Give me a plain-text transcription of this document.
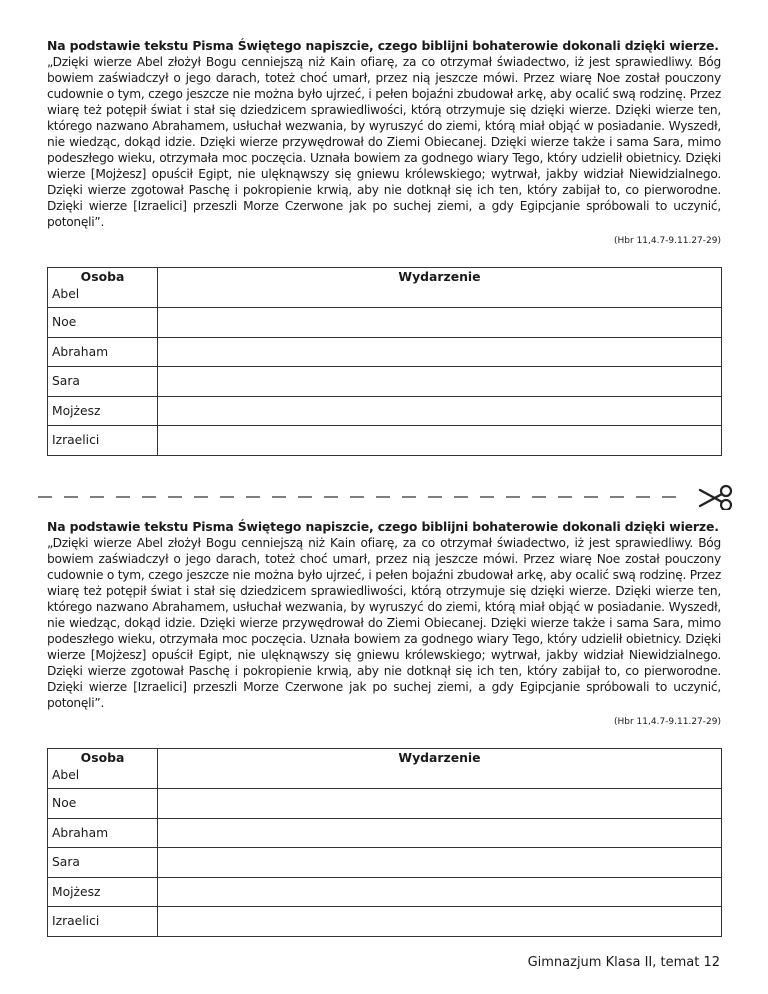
Na podstawie tekstu Pisma Świętego napiszcie, czego biblijni bohaterowie dokonali dzięki wierze.

„Dzięki wierze Abel złożył Bogu cenniejszą niż Kain ofiarę, za co otrzymał świadectwo, iż jest sprawiedliwy. Bóg bowiem zaświadczył o jego darach, toteż choć umarł, przez nią jeszcze mówi. Przez wiarę Noe został pouczony cudownie o tym, czego jeszcze nie można było ujrzeć, i pełen bojaźni zbudował arkę, aby ocalić swą rodzinę. Przez wiarę też potępił świat i stał się dziedzicem sprawiedliwości, którą otrzymuje się dzięki wierze. Dzięki wierze ten, którego nazwano Abrahamem, usłuchał wezwania, by wyruszyć do ziemi, którą miał objąć w posiadanie. Wyszedł, nie wiedząc, dokąd idzie. Dzięki wierze przywędrował do Ziemi Obiecanej. Dzięki wierze także i sama Sara, mimo podeszłego wieku, otrzymała moc poczęcia. Uznała bowiem za godnego wiary Tego, który udzielił obietnicy. Dzięki wierze [Mojżesz] opuścił Egipt, nie ulęknąwszy się gniewu królewskiego; wytrwał, jakby widział Niewidzialnego. Dzięki wierze zgotował Paschę i pokropienie krwią, aby nie dotknął się ich ten, który zabijał to, co pierworodne. Dzięki wierze [Izraelici] przeszli Morze Czerwone jak po suchej ziemi, a gdy Egipcjanie spróbowali to uczynić, potonęli”.

(Hbr 11,4.7-9.11.27-29)

Osoba	Wydarzenie
Abel	
Noe	
Abraham	
Sara	
Mojżesz	
Izraelici	

Na podstawie tekstu Pisma Świętego napiszcie, czego biblijni bohaterowie dokonali dzięki wierze.

„Dzięki wierze Abel złożył Bogu cenniejszą niż Kain ofiarę, za co otrzymał świadectwo, iż jest sprawiedliwy. Bóg bowiem zaświadczył o jego darach, toteż choć umarł, przez nią jeszcze mówi. Przez wiarę Noe został pouczony cudownie o tym, czego jeszcze nie można było ujrzeć, i pełen bojaźni zbudował arkę, aby ocalić swą rodzinę. Przez wiarę też potępił świat i stał się dziedzicem sprawiedliwości, którą otrzymuje się dzięki wierze. Dzięki wierze ten, którego nazwano Abrahamem, usłuchał wezwania, by wyruszyć do ziemi, którą miał objąć w posiadanie. Wyszedł, nie wiedząc, dokąd idzie. Dzięki wierze przywędrował do Ziemi Obiecanej. Dzięki wierze także i sama Sara, mimo podeszłego wieku, otrzymała moc poczęcia. Uznała bowiem za godnego wiary Tego, który udzielił obietnicy. Dzięki wierze [Mojżesz] opuścił Egipt, nie ulęknąwszy się gniewu królewskiego; wytrwał, jakby widział Niewidzialnego. Dzięki wierze zgotował Paschę i pokropienie krwią, aby nie dotknął się ich ten, który zabijał to, co pierworodne. Dzięki wierze [Izraelici] przeszli Morze Czerwone jak po suchej ziemi, a gdy Egipcjanie spróbowali to uczynić, potonęli”.

(Hbr 11,4.7-9.11.27-29)

Osoba	Wydarzenie
Abel	
Noe	
Abraham	
Sara	
Mojżesz	
Izraelici	
Gimnazjum Klasa II, temat 12
